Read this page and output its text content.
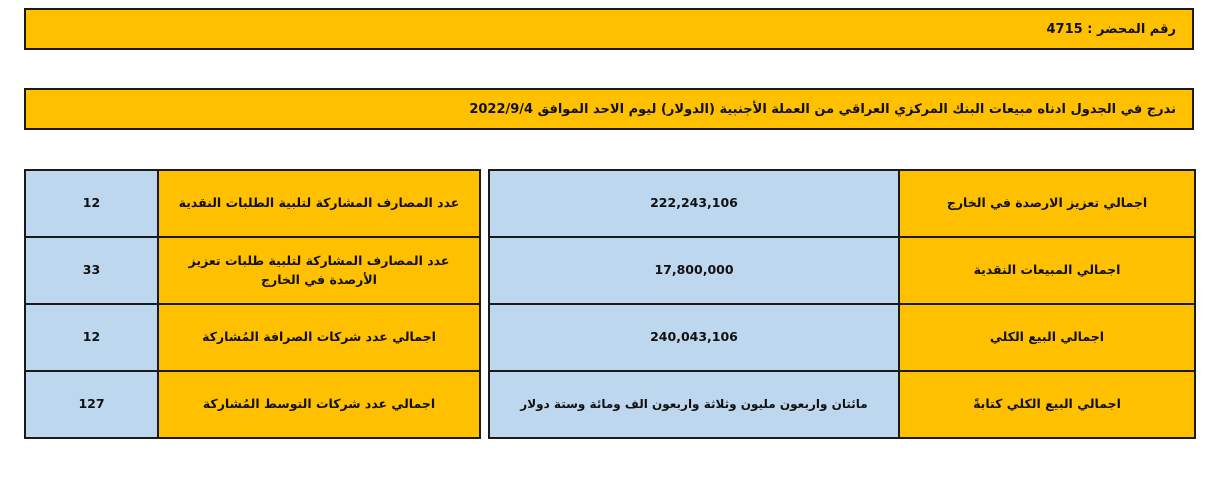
رقم المحضر : 4715
ندرج في الجدول ادناه مبيعات البنك المركزي العراقي من العملة الأجنبية (الدولار) ليوم الاحد الموافق 2022/9/4
اجمالي تعزيز الارصدة في الخارج	222,243,106
اجمالي المبيعات النقدية	17,800,000
اجمالي البيع الكلي	240,043,106
اجمالي البيع الكلي كتابةً	مائتان واربعون مليون وثلاثة واربعون الف ومائة وستة دولار
عدد المصارف المشاركة لتلبية الطلبات النقدية	12
عدد المصارف المشاركة لتلبية طلبات تعزيز الأرصدة في الخارج	33
اجمالي عدد شركات الصرافة المُشاركة	12
اجمالي عدد شركات التوسط المُشاركة	127
